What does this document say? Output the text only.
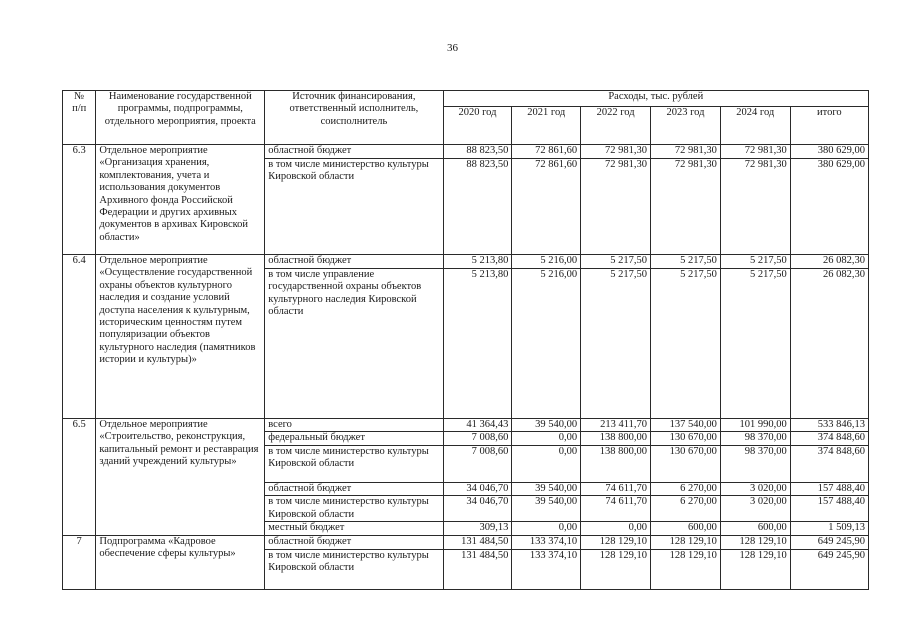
36
№
п/п	Наименование государственной программы, подпрограммы, отдельного мероприятия, проекта	Источник финансирования, ответственный исполнитель, соисполнитель	Расходы, тыс. рублей					
			2020 год	2021 год	2022 год	2023 год	2024 год	итого
6.3	Отдельное мероприятие «Организация хранения, комплектования, учета и использования документов Архивного фонда Российской Федерации и других архивных документов в архивах Кировской области»	областной бюджет	88 823,50	72 861,60	72 981,30	72 981,30	72 981,30	380 629,00
		в том числе министерство культуры Кировской области	88 823,50	72 861,60	72 981,30	72 981,30	72 981,30	380 629,00
6.4	Отдельное мероприятие «Осуществление государственной охраны объектов культурного наследия и создание условий доступа населения к культурным, историческим ценностям путем популяризации объектов культурного наследия (памятников истории и культуры)»	областной бюджет	5 213,80	5 216,00	5 217,50	5 217,50	5 217,50	26 082,30
		в том числе управление государственной охраны объектов культурного наследия Кировской области	5 213,80	5 216,00	5 217,50	5 217,50	5 217,50	26 082,30
6.5	Отдельное мероприятие «Строительство, реконструкция, капитальный ремонт и реставрация зданий учреждений культуры»	всего	41 364,43	39 540,00	213 411,70	137 540,00	101 990,00	533 846,13
		федеральный бюджет	7 008,60	0,00	138 800,00	130 670,00	98 370,00	374 848,60
		в том числе министерство культуры Кировской области	7 008,60	0,00	138 800,00	130 670,00	98 370,00	374 848,60
		областной бюджет	34 046,70	39 540,00	74 611,70	6 270,00	3 020,00	157 488,40
		в том числе министерство культуры Кировской области	34 046,70	39 540,00	74 611,70	6 270,00	3 020,00	157 488,40
		местный бюджет	309,13	0,00	0,00	600,00	600,00	1 509,13
7	Подпрограмма «Кадровое обеспечение сферы культуры»	областной бюджет	131 484,50	133 374,10	128 129,10	128 129,10	128 129,10	649 245,90
		в том числе министерство культуры Кировской области	131 484,50	133 374,10	128 129,10	128 129,10	128 129,10	649 245,90
